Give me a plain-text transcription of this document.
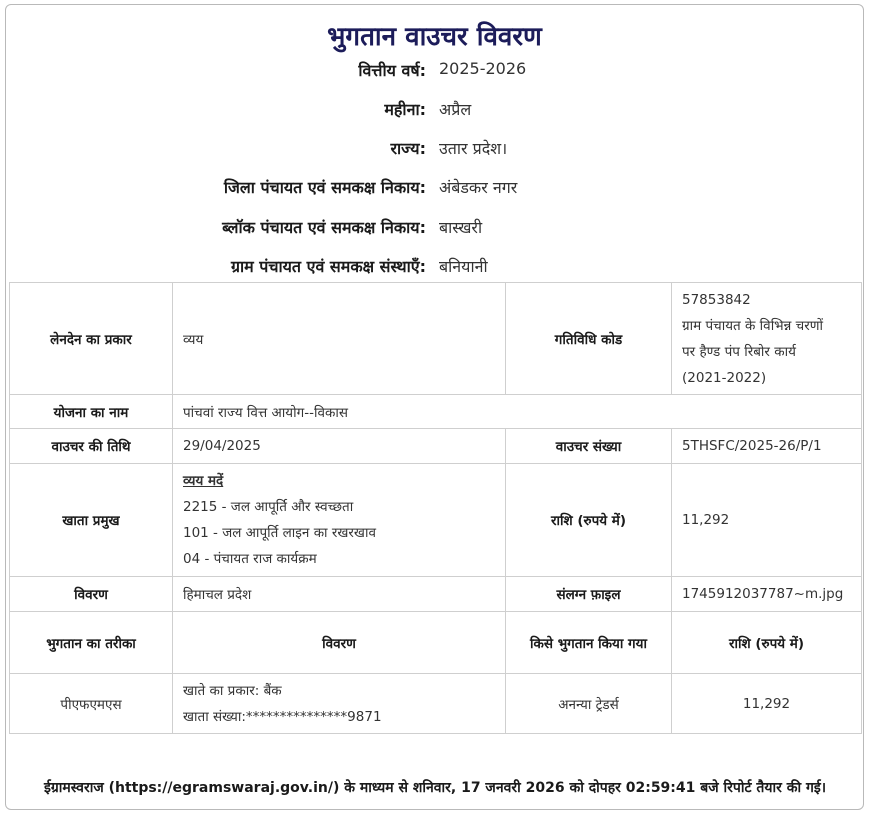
भुगतान वाउचर विवरण
वित्तीय वर्ष: 2025-2026
महीना: अप्रैल
राज्य: उतार प्रदेश।
जिला पंचायत एवं समकक्ष निकाय: अंबेडकर नगर
ब्लॉक पंचायत एवं समकक्ष निकाय: बास्खरी
ग्राम पंचायत एवं समकक्ष संस्थाएँ: बनियानी
लेनदेन का प्रकार	व्यय	गतिविधि कोड	57853842
ग्राम पंचायत के विभिन्न चरणों
पर हैण्ड पंप रिबोर कार्य
(2021-2022)

योजना का नाम	पांचवां राज्य वित्त आयोग--विकास		
वाउचर की तिथि	29/04/2025	वाउचर संख्या	5THSFC/2025-26/P/1
खाता प्रमुख	व्यय मदें
2215 - जल आपूर्ति और स्वच्छता
101 - जल आपूर्ति लाइन का रखरखाव
04 - पंचायत राज कार्यक्रम	राशि (रुपये में)	11,292
विवरण	हिमाचल प्रदेश	संलग्न फ़ाइल	1745912037787~m.jpg
भुगतान का तरीका	विवरण	किसे भुगतान किया गया	राशि (रुपये में)
पीएफएमएस	खाते का प्रकार: बैंक
खाता संख्या:***************9871	अनन्या ट्रेडर्स	11,292
ईग्रामस्वराज (https://egramswaraj.gov.in/) के माध्यम से शनिवार, 17 जनवरी 2026 को दोपहर 02:59:41 बजे रिपोर्ट तैयार की गई।
